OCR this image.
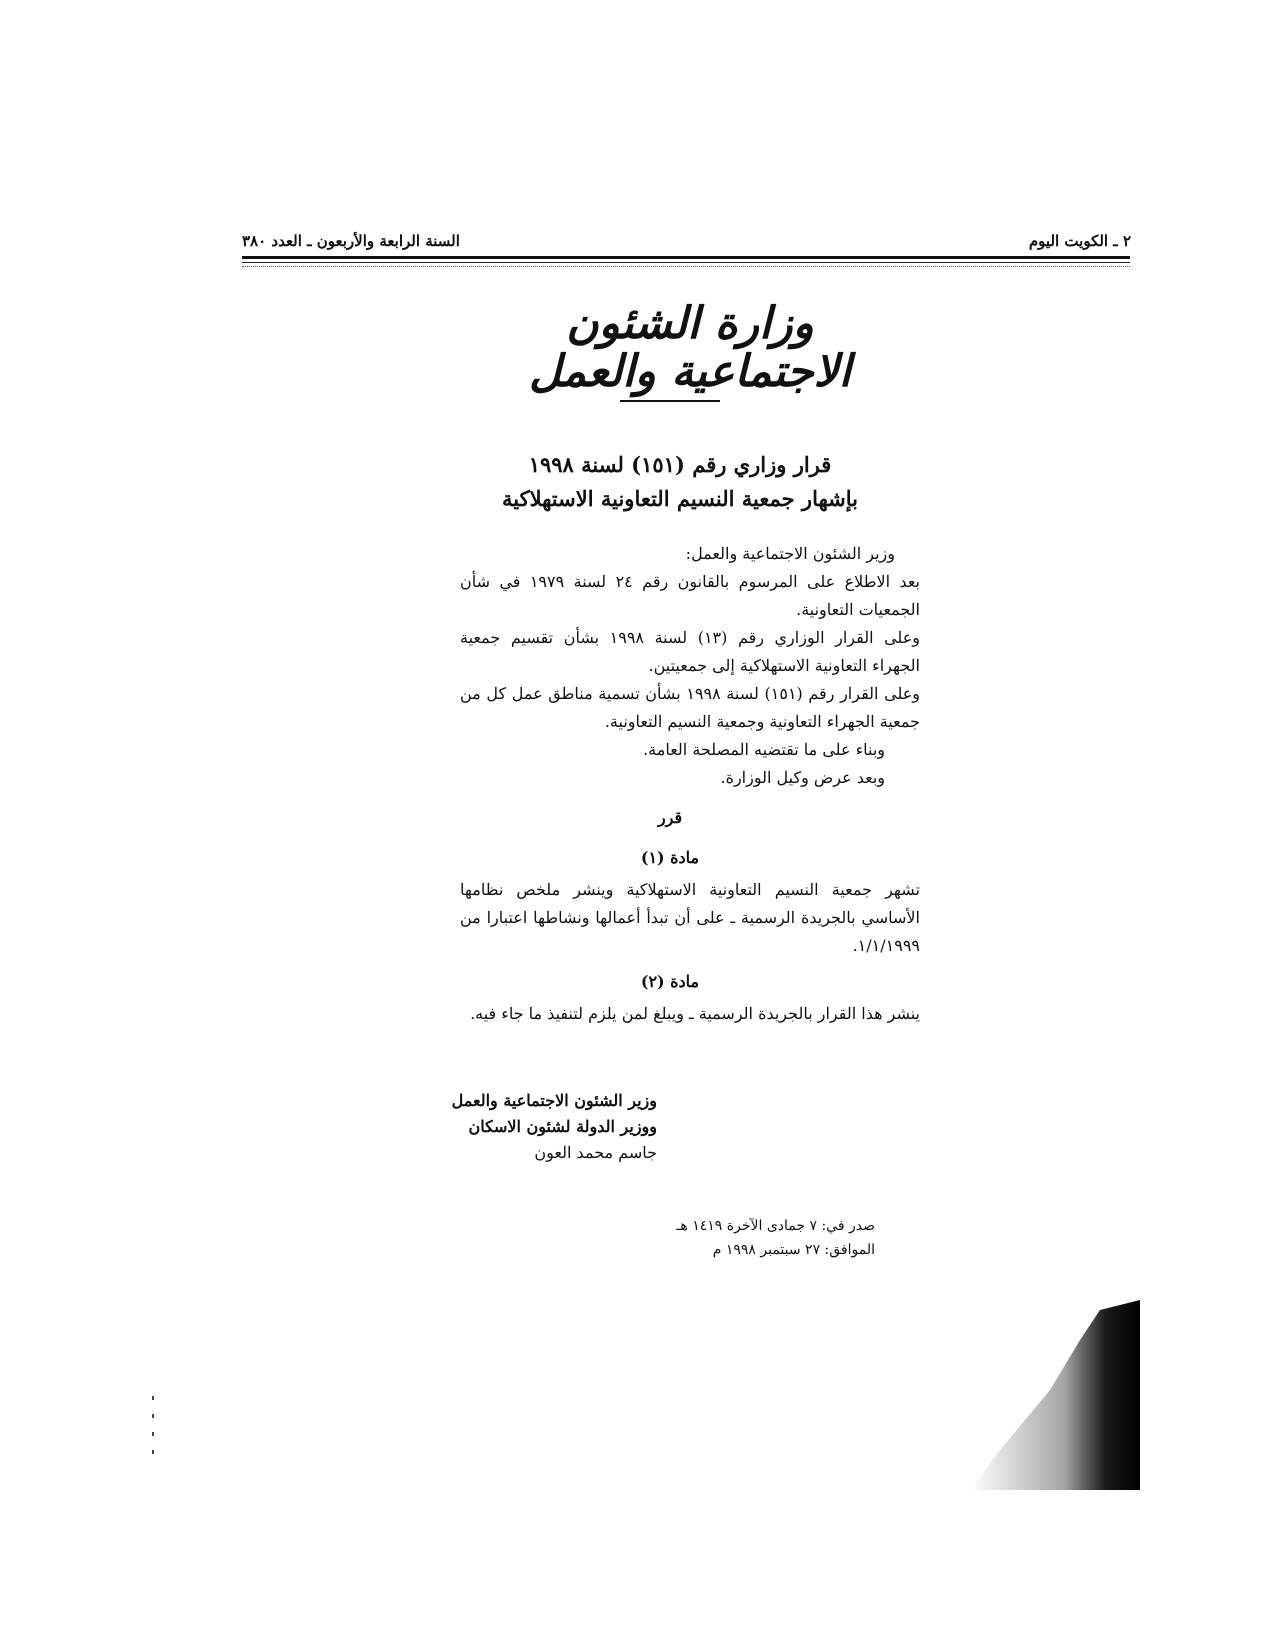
السنة الرابعة والأربعون ـ العدد ٣٨٠	٢ ـ الكويت اليوم
وزارة الشئون الاجتماعية والعمل
قرار وزاري رقم (١٥١) لسنة ١٩٩٨
بإشهار جمعية النسيم التعاونية الاستهلاكية
وزير الشئون الاجتماعية والعمل:
بعد الاطلاع على المرسوم بالقانون رقم ٢٤ لسنة ١٩٧٩ في شأن الجمعيات التعاونية.
وعلى القرار الوزاري رقم (١٣) لسنة ١٩٩٨ بشأن تقسيم جمعية الجهراء التعاونية الاستهلاكية إلى جمعيتين.
وعلى القرار رقم (١٥١) لسنة ١٩٩٨ بشأن تسمية مناطق عمل كل من جمعية الجهراء التعاونية وجمعية النسيم التعاونية.
وبناء على ما تقتضيه المصلحة العامة.
وبعد عرض وكيل الوزارة.
قرر
مادة (١)
تشهر جمعية النسيم التعاونية الاستهلاكية وينشر ملخص نظامها الأساسي بالجريدة الرسمية ـ على أن تبدأ أعمالها ونشاطها اعتبارا من ١/١/١٩٩٩.
مادة (٢)
ينشر هذا القرار بالجريدة الرسمية ـ ويبلغ لمن يلزم لتنفيذ ما جاء فيه.
وزير الشئون الاجتماعية والعمل
ووزير الدولة لشئون الاسكان
جاسم محمد العون
صدر في: ٧ جمادى الآخرة ١٤١٩ هـ
الموافق: ٢٧ سبتمبر ١٩٩٨ م
